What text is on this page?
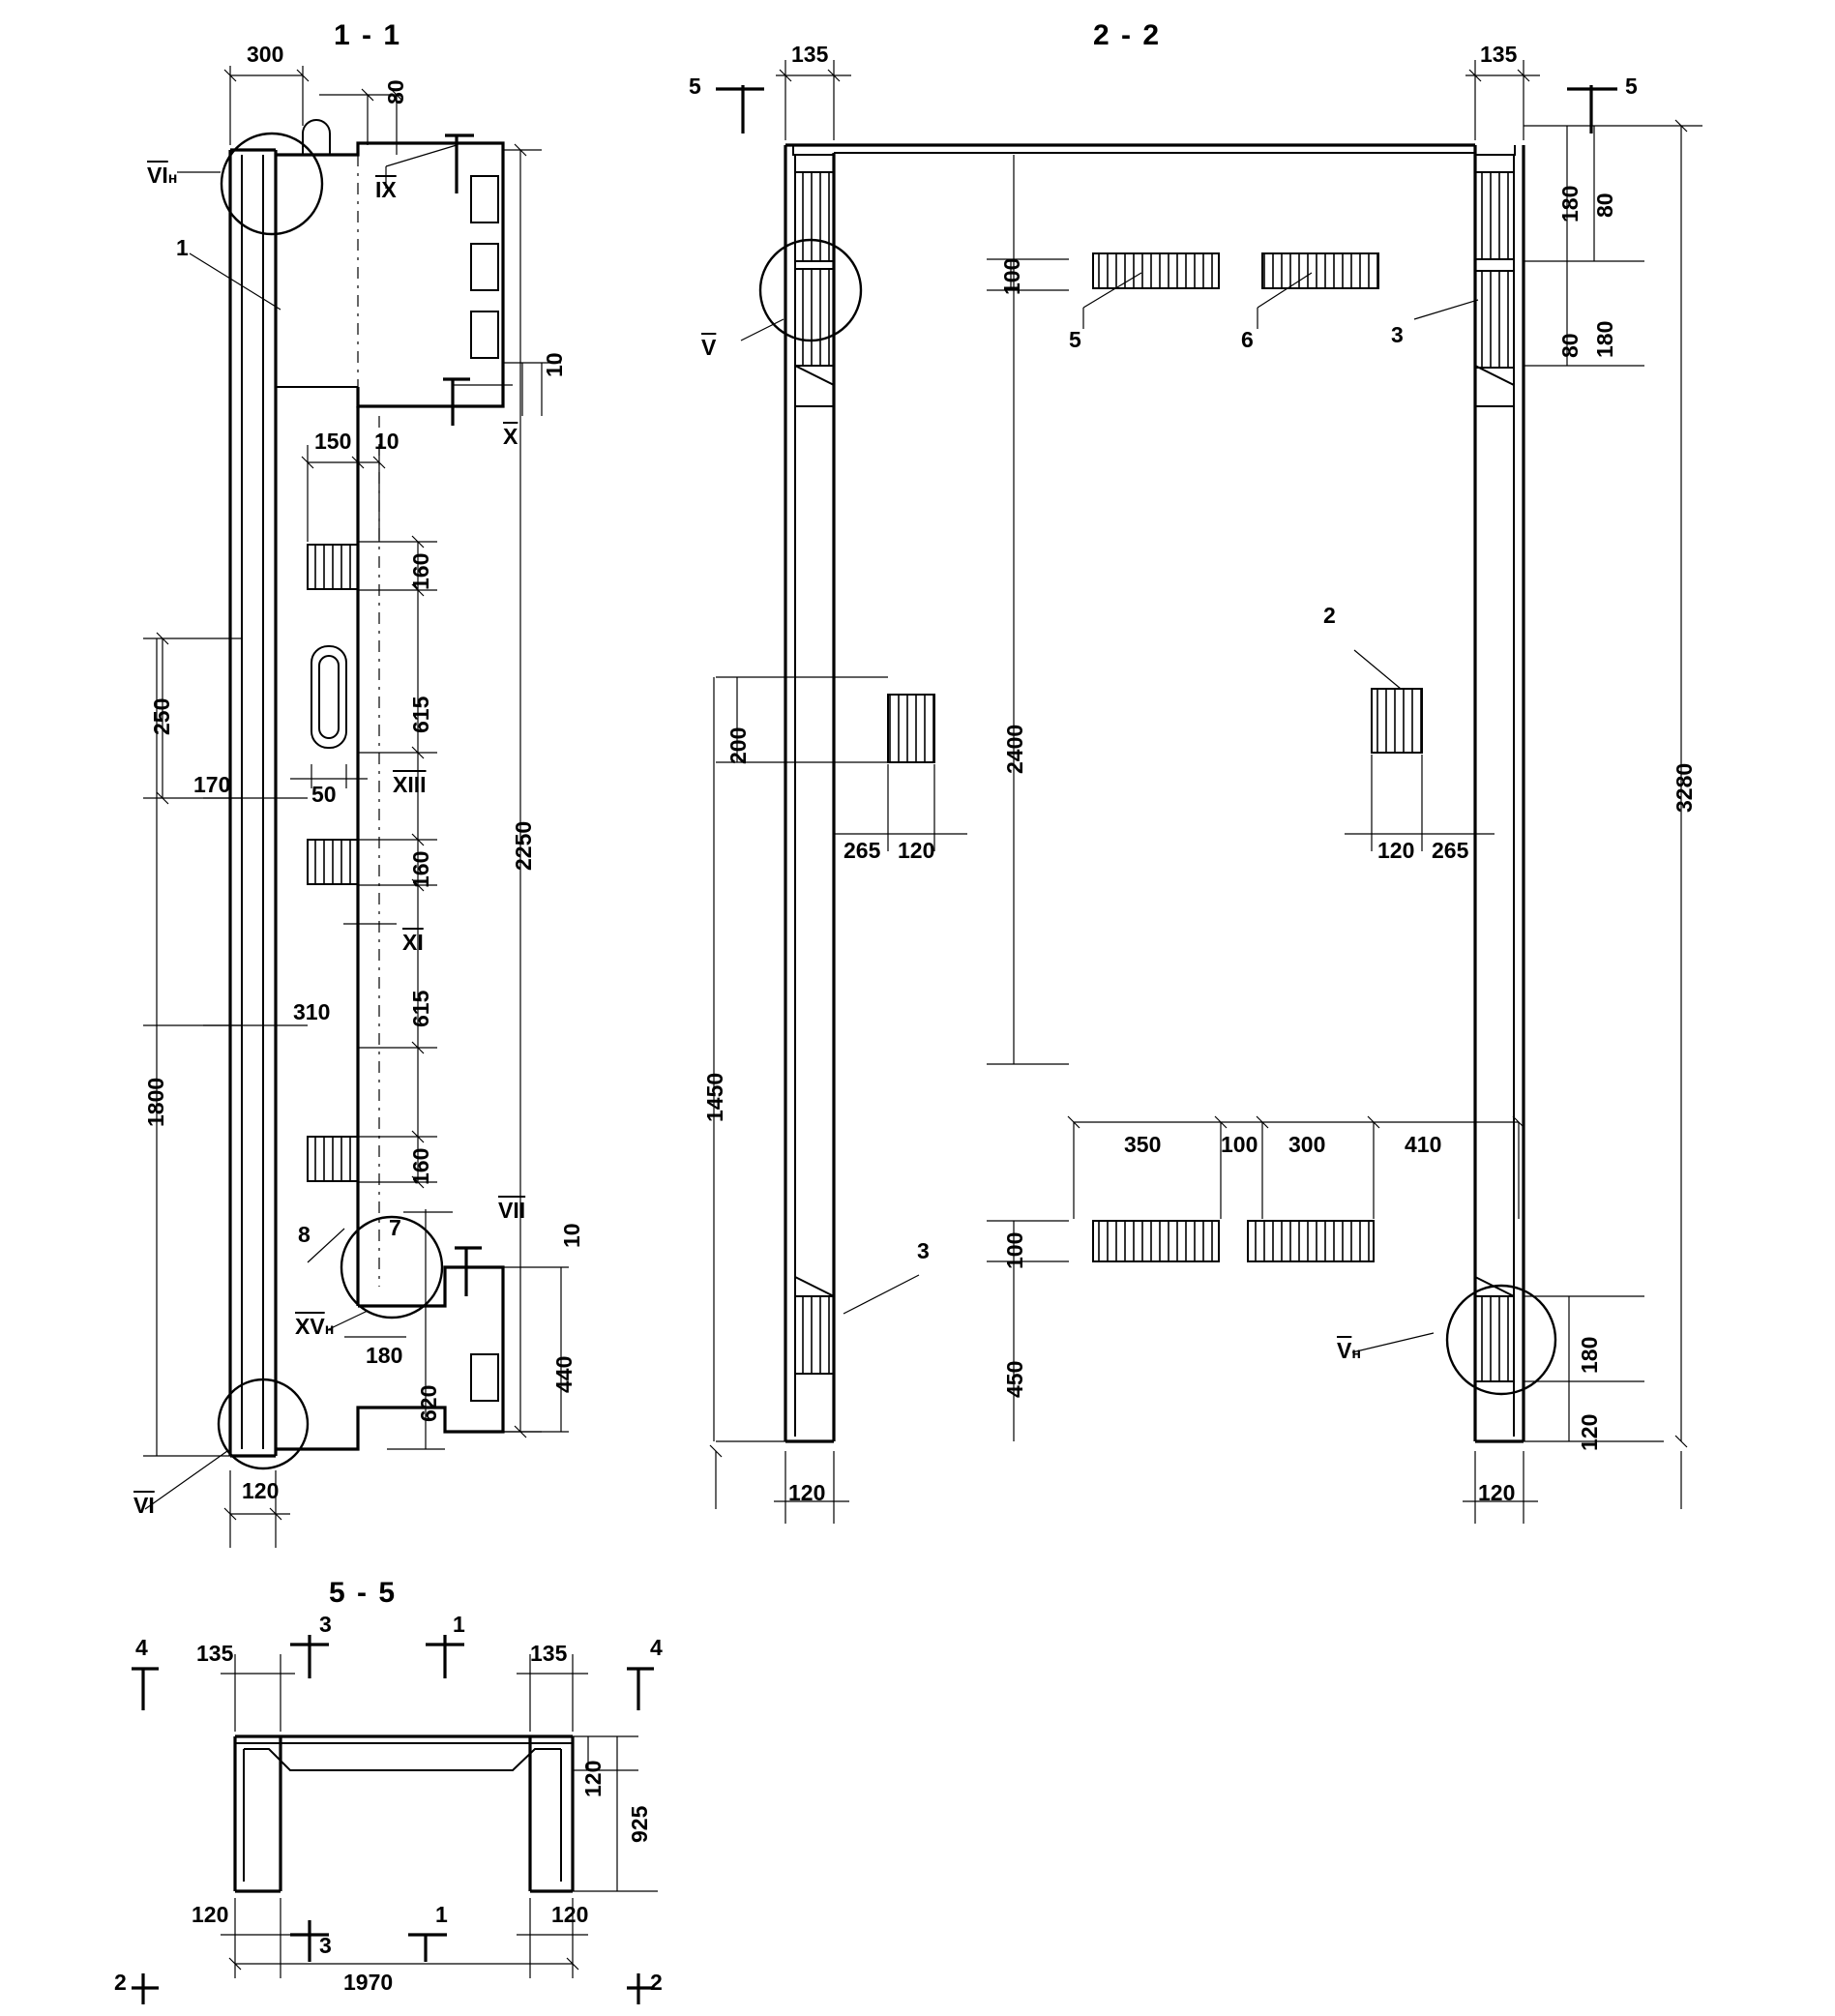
1 - 1	2 - 2
5 - 5
300
80
10
150 10
250
170
1800
310
160
615
160
615
160
2250
440
620
10
180
120
50
$\overline{VI}н$	$\overline{IX}$
$\overline{X}$
XIII
$\overline{XI}$
$\overline{VII}$
$\overline{XV}н$
$\overline{VI}$
1
7
8
135	135
5	5
180 80
80 180
3280
180
120
100
200	2400
1450
100
450
265 120	120 265
350	100 300	410
120	120
$\overline{V}$
$\overline{V}н$
5	6	3
2
3
4	4
3	1
3
1
2	2
135	135
120
925
120
1970
120
